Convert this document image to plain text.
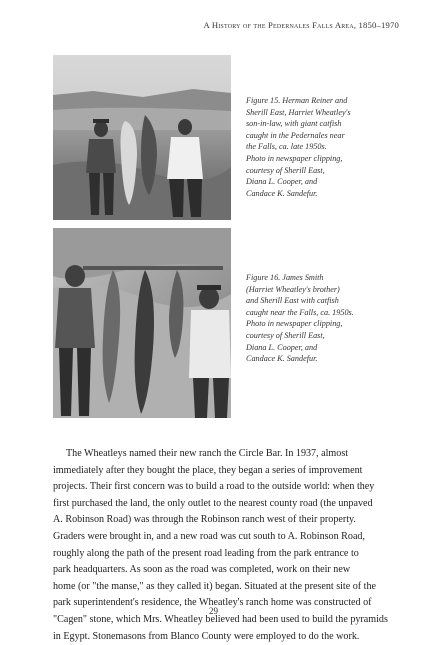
A History of the Pedernales Falls Area, 1850–1970
Figure 15. Herman Reiner and
Sherill East, Harriet Wheatley's
son-in-law, with giant catfish
caught in the Pedernales near
the Falls, ca. late 1950s.
Photo in newspaper clipping,
courtesy of Sherill East,
Diana L. Cooper, and
Candace K. Sandefur.
Figure 16. James Smith
(Harriet Wheatley's brother)
and Sherill East with catfish
caught near the Falls, ca. 1950s.
Photo in newspaper clipping,
courtesy of Sherill East,
Diana L. Cooper, and
Candace K. Sandefur.
The Wheatleys named their new ranch the Circle Bar. In 1937, almost
immediately after they bought the place, they began a series of improvement
projects. Their first concern was to build a road to the outside world: when they
first purchased the land, the only outlet to the nearest county road (the unpaved
A. Robinson Road) was through the Robinson ranch west of their property.
Graders were brought in, and a new road was cut south to A. Robinson Road,
roughly along the path of the present road leading from the park entrance to
park headquarters. As soon as the road was completed, work on their new
home (or "the manse," as they called it) began. Situated at the present site of the
park superintendent's residence, the Wheatley's ranch home was constructed of
"Cagen" stone, which Mrs. Wheatley believed had been used to build the pyramids
in Egypt. Stonemasons from Blanco County were employed to do the work.
29
